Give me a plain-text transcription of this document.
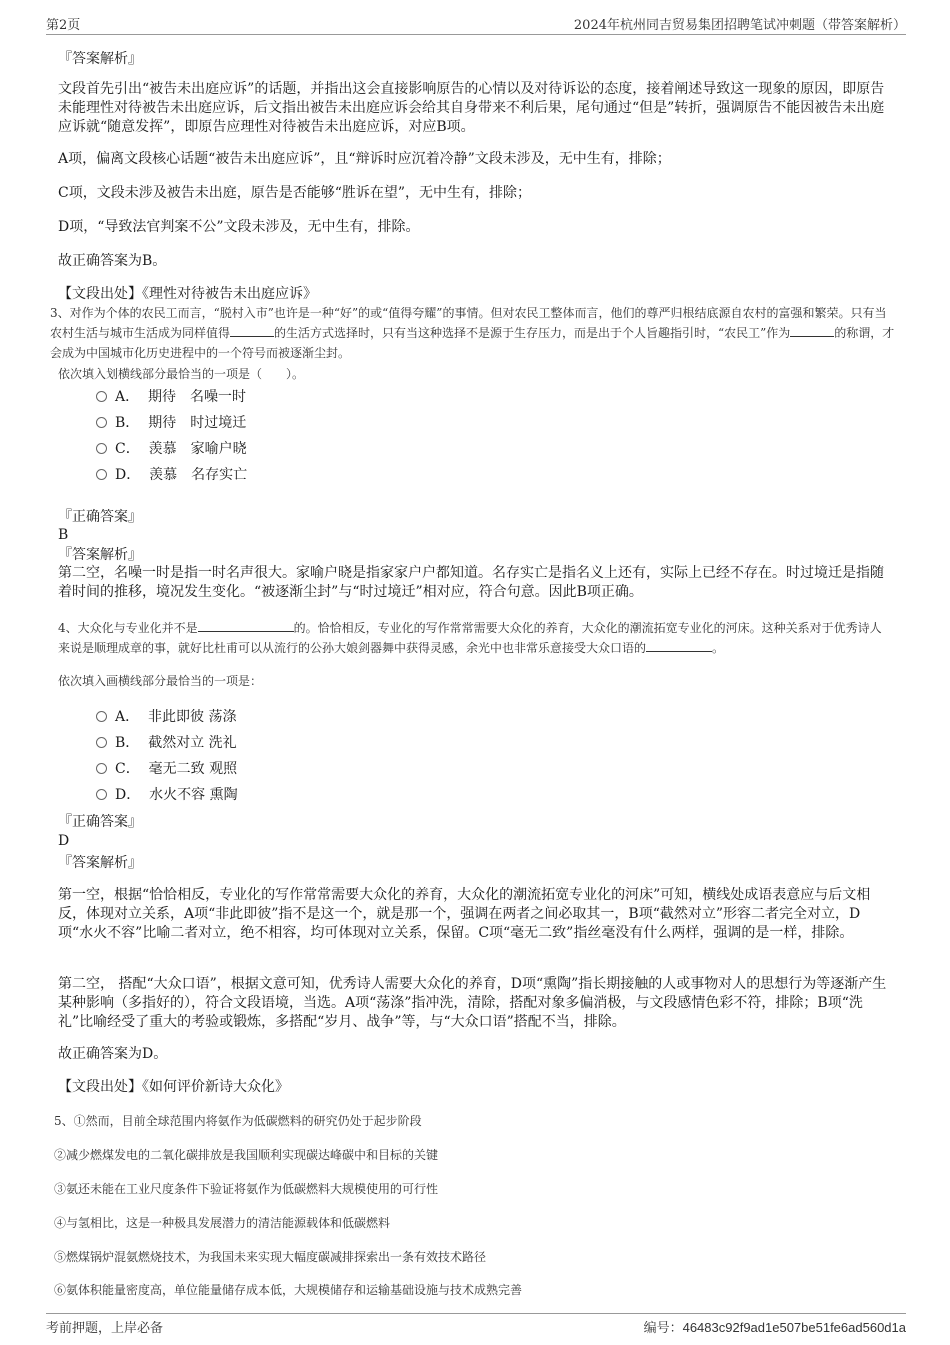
第2页	2024年杭州同吉贸易集团招聘笔试冲刺题（带答案解析）

『答案解析』

文段首先引出“被告未出庭应诉”的话题，并指出这会直接影响原告的心情以及对待诉讼的态度，接着阐述导致这一现象的原因，即原告未能理性对待被告未出庭应诉，后文指出被告未出庭应诉会给其自身带来不利后果，尾句通过“但是”转折，强调原告不能因被告未出庭应诉就“随意发挥”，即原告应理性对待被告未出庭应诉，对应B项。

A项，偏离文段核心话题“被告未出庭应诉”，且“辩诉时应沉着冷静”文段未涉及，无中生有，排除；

C项，文段未涉及被告未出庭，原告是否能够“胜诉在望”，无中生有，排除；

D项，“导致法官判案不公”文段未涉及，无中生有，排除。

故正确答案为B。

【文段出处】《理性对待被告未出庭应诉》

3、对作为个体的农民工而言，“脱村入市”也许是一种“好”的或“值得夸耀”的事情。但对农民工整体而言，他们的尊严归根结底源自农村的富强和繁荣。只有当农村生活与城市生活成为同样值得	的生活方式选择时，只有当这种选择不是源于生存压力，而是出于个人旨趣指引时，“农民工”作为	的称谓，才会成为中国城市化历史进程中的一个符号而被逐渐尘封。

依次填入划横线部分最恰当的一项是（　　）。

A． 期待　名噪一时
B． 期待　时过境迁
C． 羡慕　家喻户晓
D． 羡慕　名存实亡

『正确答案』

B

『答案解析』

第二空，名噪一时是指一时名声很大。家喻户晓是指家家户户都知道。名存实亡是指名义上还有，实际上已经不存在。时过境迁是指随着时间的推移，境况发生变化。“被逐渐尘封”与“时过境迁”相对应，符合句意。因此B项正确。

4、大众化与专业化并不是	的。恰恰相反，专业化的写作常常需要大众化的养育，大众化的潮流拓宽专业化的河床。这种关系对于优秀诗人来说是顺理成章的事，就好比杜甫可以从流行的公孙大娘剑器舞中获得灵感，余光中也非常乐意接受大众口语的	。

依次填入画横线部分最恰当的一项是：

A． 非此即彼 荡涤
B． 截然对立 洗礼
C． 毫无二致 观照
D． 水火不容 熏陶

『正确答案』

D

『答案解析』

第一空，根据“恰恰相反，专业化的写作常常需要大众化的养育，大众化的潮流拓宽专业化的河床”可知，横线处成语表意应与后文相反，体现对立关系，A项“非此即彼”指不是这一个，就是那一个，强调在两者之间必取其一，B项“截然对立”形容二者完全对立，D项“水火不容”比喻二者对立，绝不相容，均可体现对立关系，保留。C项“毫无二致”指丝毫没有什么两样，强调的是一样，排除。

第二空， 搭配“大众口语”，根据文意可知，优秀诗人需要大众化的养育，D项“熏陶”指长期接触的人或事物对人的思想行为等逐渐产生某种影响（多指好的），符合文段语境，当选。A项“荡涤”指冲洗，清除，搭配对象多偏消极，与文段感情色彩不符，排除；B项“洗礼”比喻经受了重大的考验或锻炼，多搭配“岁月、战争”等，与“大众口语”搭配不当，排除。

故正确答案为D。

【文段出处】《如何评价新诗大众化》

5、①然而，目前全球范围内将氨作为低碳燃料的研究仍处于起步阶段

②减少燃煤发电的二氧化碳排放是我国顺利实现碳达峰碳中和目标的关键

③氨还未能在工业尺度条件下验证将氨作为低碳燃料大规模使用的可行性

④与氢相比，这是一种极具发展潜力的清洁能源载体和低碳燃料

⑤燃煤锅炉混氨燃烧技术，为我国未来实现大幅度碳减排探索出一条有效技术路径

⑥氨体积能量密度高，单位能量储存成本低，大规模储存和运输基础设施与技术成熟完善

考前押题，上岸必备	编号：46483c92f9ad1e507be51fe6ad560d1a
